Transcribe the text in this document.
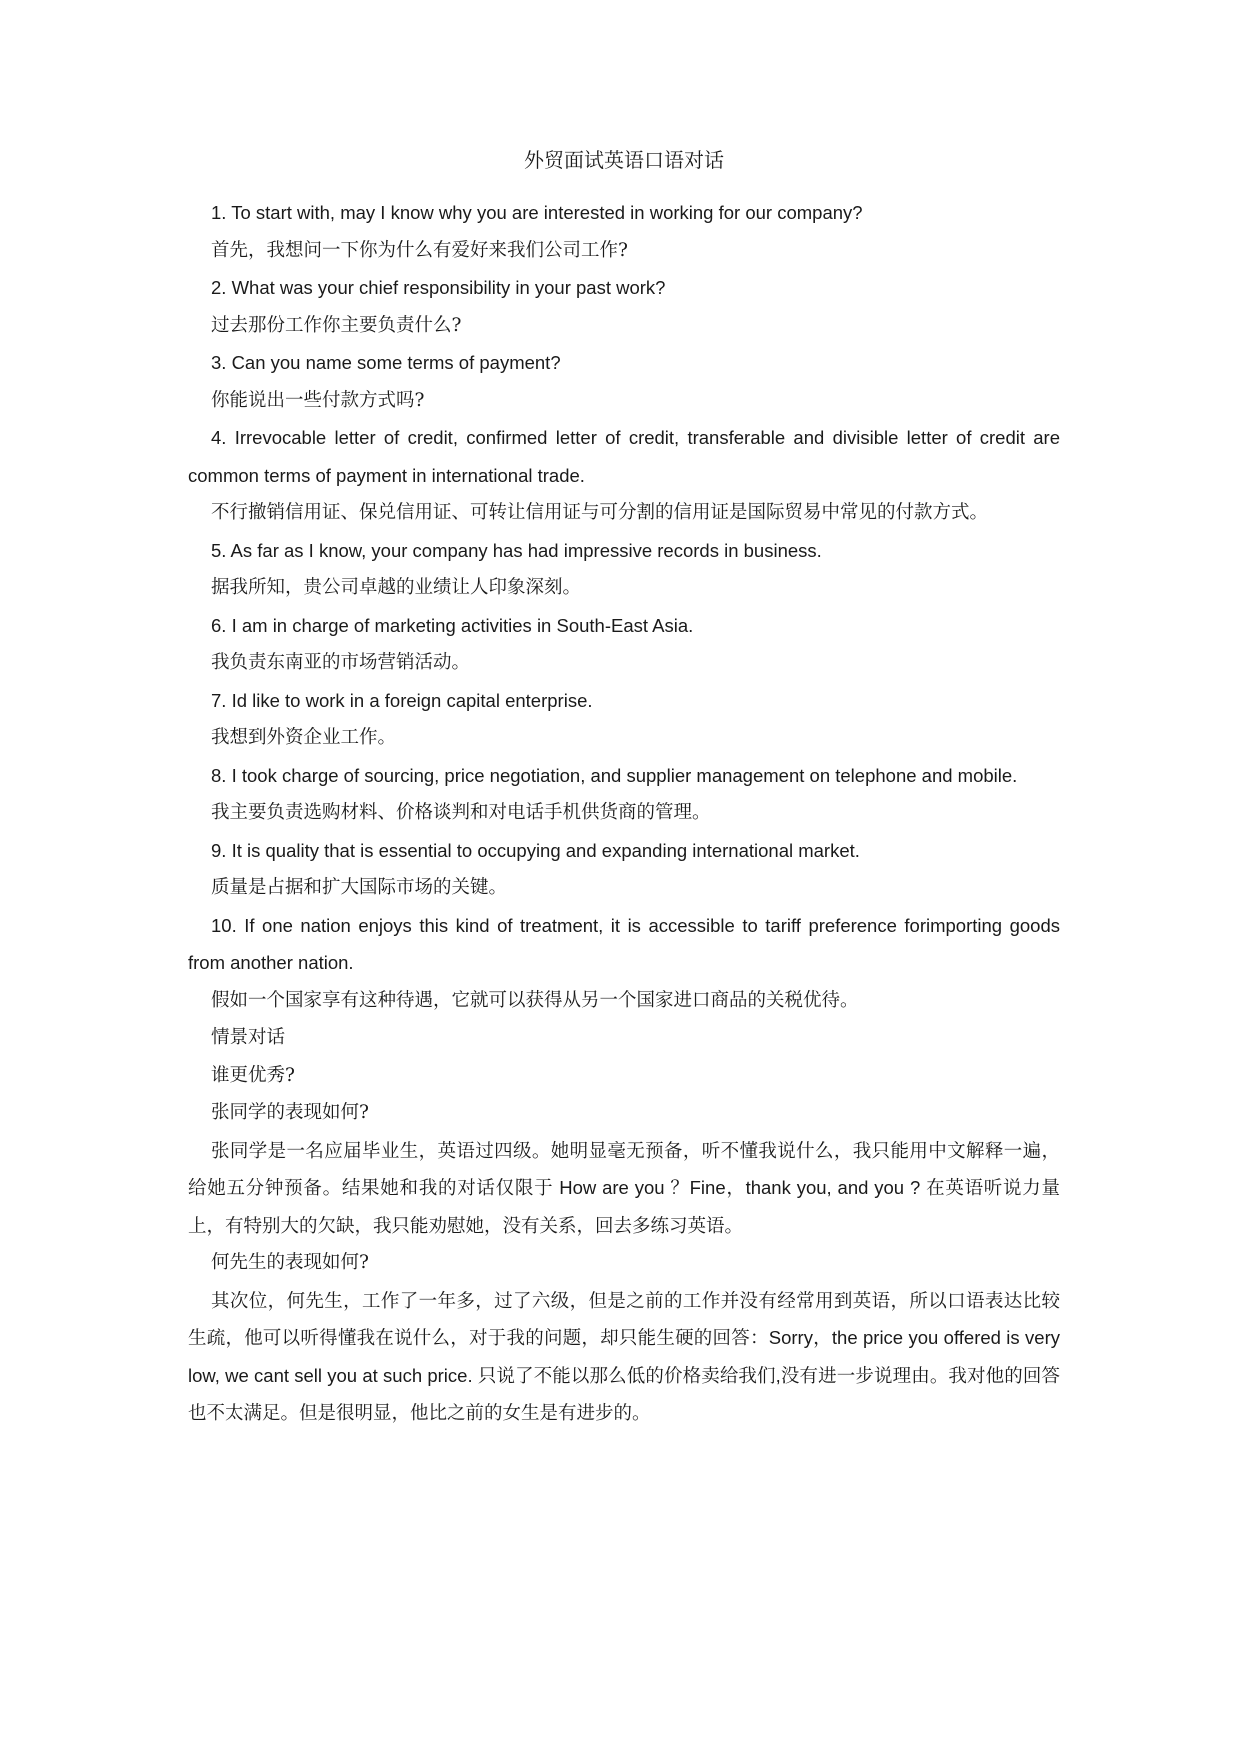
外贸面试英语口语对话

1. To start with, may I know why you are interested in working for our company?

首先，我想问一下你为什么有爱好来我们公司工作?

2. What was your chief responsibility in your past work?

过去那份工作你主要负责什么?

3. Can you name some terms of payment?

你能说出一些付款方式吗?

4. Irrevocable letter of credit, confirmed letter of credit, transferable and divisible letter of credit are common terms of payment in international trade.

不行撤销信用证、保兑信用证、可转让信用证与可分割的信用证是国际贸易中常见的付款方式。

5. As far as I know, your company has had impressive records in business.

据我所知，贵公司卓越的业绩让人印象深刻。

6. I am in charge of marketing activities in South-East Asia.

我负责东南亚的市场营销活动。

7. Id like to work in a foreign capital enterprise.

我想到外资企业工作。

8. I took charge of sourcing, price negotiation, and supplier management on telephone and mobile.

我主要负责选购材料、价格谈判和对电话手机供货商的管理。

9. It is quality that is essential to occupying and expanding international market.

质量是占据和扩大国际市场的关键。

10. If one nation enjoys this kind of treatment, it is accessible to tariff preference forimporting goods from another nation.

假如一个国家享有这种待遇，它就可以获得从另一个国家进口商品的关税优待。

情景对话

谁更优秀?

张同学的表现如何?

张同学是一名应届毕业生，英语过四级。她明显毫无预备，听不懂我说什么，我只能用中文解释一遍，给她五分钟预备。结果她和我的对话仅限于 How are you ？Fine，thank you, and you ? 在英语听说力量上，有特别大的欠缺，我只能劝慰她，没有关系，回去多练习英语。

何先生的表现如何?

其次位，何先生，工作了一年多，过了六级，但是之前的工作并没有经常用到英语，所以口语表达比较生疏，他可以听得懂我在说什么，对于我的问题，却只能生硬的回答：Sorry，the price you offered is very low, we cant sell you at such price. 只说了不能以那么低的价格卖给我们,没有进一步说理由。我对他的回答也不太满足。但是很明显，他比之前的女生是有进步的。
